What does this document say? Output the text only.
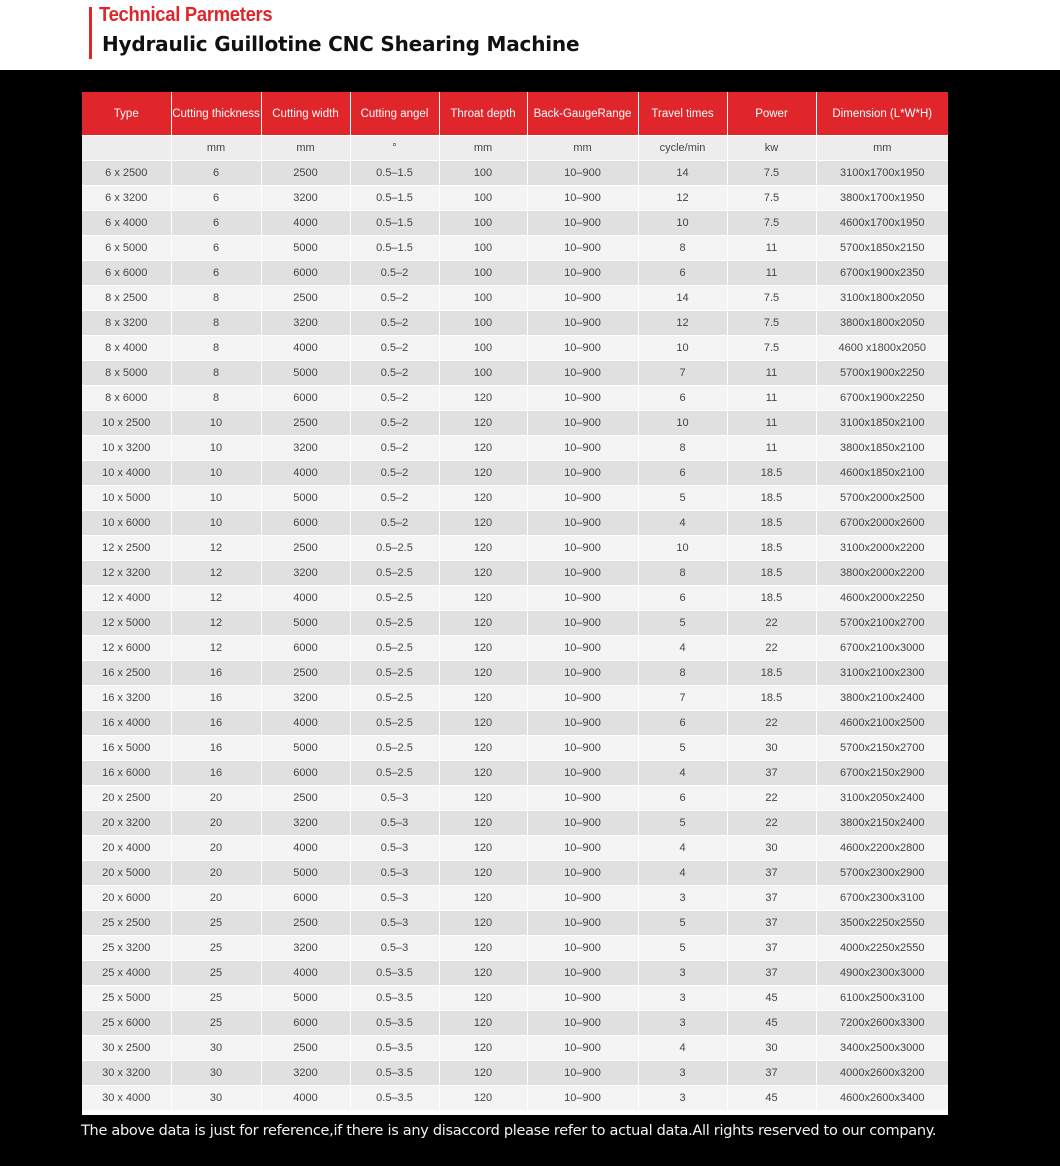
Technical Parmeters
Hydraulic Guillotine CNC Shearing Machine
Type	Cutting thickness	Cutting width	Cutting angel	Throat depth	Back-GaugeRange	Travel times	Power	Dimension (L*W*H)
	mm	mm	°	mm	mm	cycle/min	kw	mm
6 x 2500	6	2500	0.5–1.5	100	10–900	14	7.5	3100x1700x1950
6 x 3200	6	3200	0.5–1.5	100	10–900	12	7.5	3800x1700x1950
6 x 4000	6	4000	0.5–1.5	100	10–900	10	7.5	4600x1700x1950
6 x 5000	6	5000	0.5–1.5	100	10–900	8	11	5700x1850x2150
6 x 6000	6	6000	0.5–2	100	10–900	6	11	6700x1900x2350
8 x 2500	8	2500	0.5–2	100	10–900	14	7.5	3100x1800x2050
8 x 3200	8	3200	0.5–2	100	10–900	12	7.5	3800x1800x2050
8 x 4000	8	4000	0.5–2	100	10–900	10	7.5	4600 x1800x2050
8 x 5000	8	5000	0.5–2	100	10–900	7	11	5700x1900x2250
8 x 6000	8	6000	0.5–2	120	10–900	6	11	6700x1900x2250
10 x 2500	10	2500	0.5–2	120	10–900	10	11	3100x1850x2100
10 x 3200	10	3200	0.5–2	120	10–900	8	11	3800x1850x2100
10 x 4000	10	4000	0.5–2	120	10–900	6	18.5	4600x1850x2100
10 x 5000	10	5000	0.5–2	120	10–900	5	18.5	5700x2000x2500
10 x 6000	10	6000	0.5–2	120	10–900	4	18.5	6700x2000x2600
12 x 2500	12	2500	0.5–2.5	120	10–900	10	18.5	3100x2000x2200
12 x 3200	12	3200	0.5–2.5	120	10–900	8	18.5	3800x2000x2200
12 x 4000	12	4000	0.5–2.5	120	10–900	6	18.5	4600x2000x2250
12 x 5000	12	5000	0.5–2.5	120	10–900	5	22	5700x2100x2700
12 x 6000	12	6000	0.5–2.5	120	10–900	4	22	6700x2100x3000
16 x 2500	16	2500	0.5–2.5	120	10–900	8	18.5	3100x2100x2300
16 x 3200	16	3200	0.5–2.5	120	10–900	7	18.5	3800x2100x2400
16 x 4000	16	4000	0.5–2.5	120	10–900	6	22	4600x2100x2500
16 x 5000	16	5000	0.5–2.5	120	10–900	5	30	5700x2150x2700
16 x 6000	16	6000	0.5–2.5	120	10–900	4	37	6700x2150x2900
20 x 2500	20	2500	0.5–3	120	10–900	6	22	3100x2050x2400
20 x 3200	20	3200	0.5–3	120	10–900	5	22	3800x2150x2400
20 x 4000	20	4000	0.5–3	120	10–900	4	30	4600x2200x2800
20 x 5000	20	5000	0.5–3	120	10–900	4	37	5700x2300x2900
20 x 6000	20	6000	0.5–3	120	10–900	3	37	6700x2300x3100
25 x 2500	25	2500	0.5–3	120	10–900	5	37	3500x2250x2550
25 x 3200	25	3200	0.5–3	120	10–900	5	37	4000x2250x2550
25 x 4000	25	4000	0.5–3.5	120	10–900	3	37	4900x2300x3000
25 x 5000	25	5000	0.5–3.5	120	10–900	3	45	6100x2500x3100
25 x 6000	25	6000	0.5–3.5	120	10–900	3	45	7200x2600x3300
30 x 2500	30	2500	0.5–3.5	120	10–900	4	30	3400x2500x3000
30 x 3200	30	3200	0.5–3.5	120	10–900	3	37	4000x2600x3200
30 x 4000	30	4000	0.5–3.5	120	10–900	3	45	4600x2600x3400
The above data is just for reference,if there is any disaccord please refer to actual data.All rights reserved to our company.
